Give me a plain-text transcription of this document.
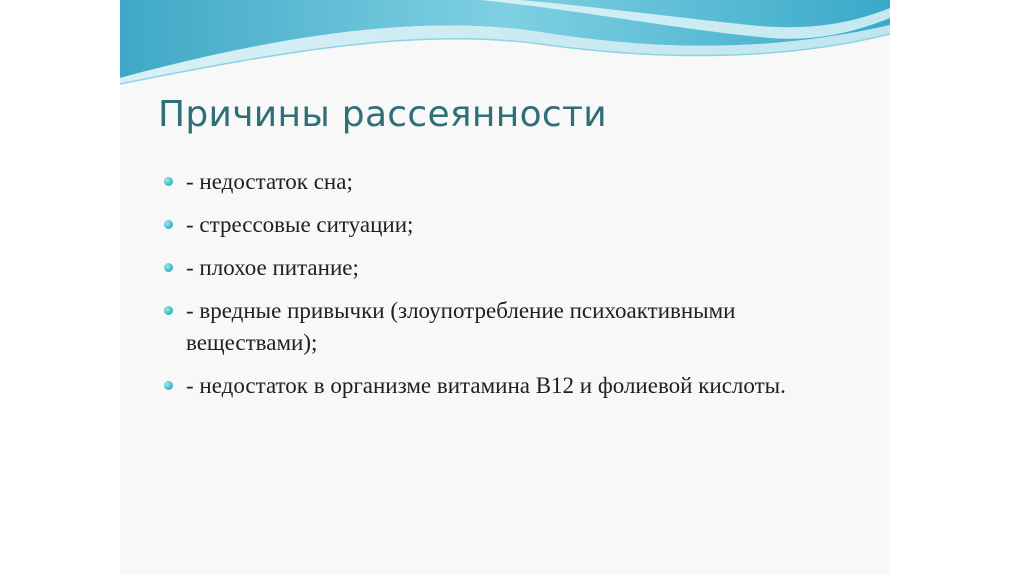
Причины рассеянности
- недостаток сна;
- стрессовые ситуации;
- плохое питание;
- вредные привычки (злоупотребление психоактивными веществами);
- недостаток в организме витамина В12 и фолиевой кислоты.
